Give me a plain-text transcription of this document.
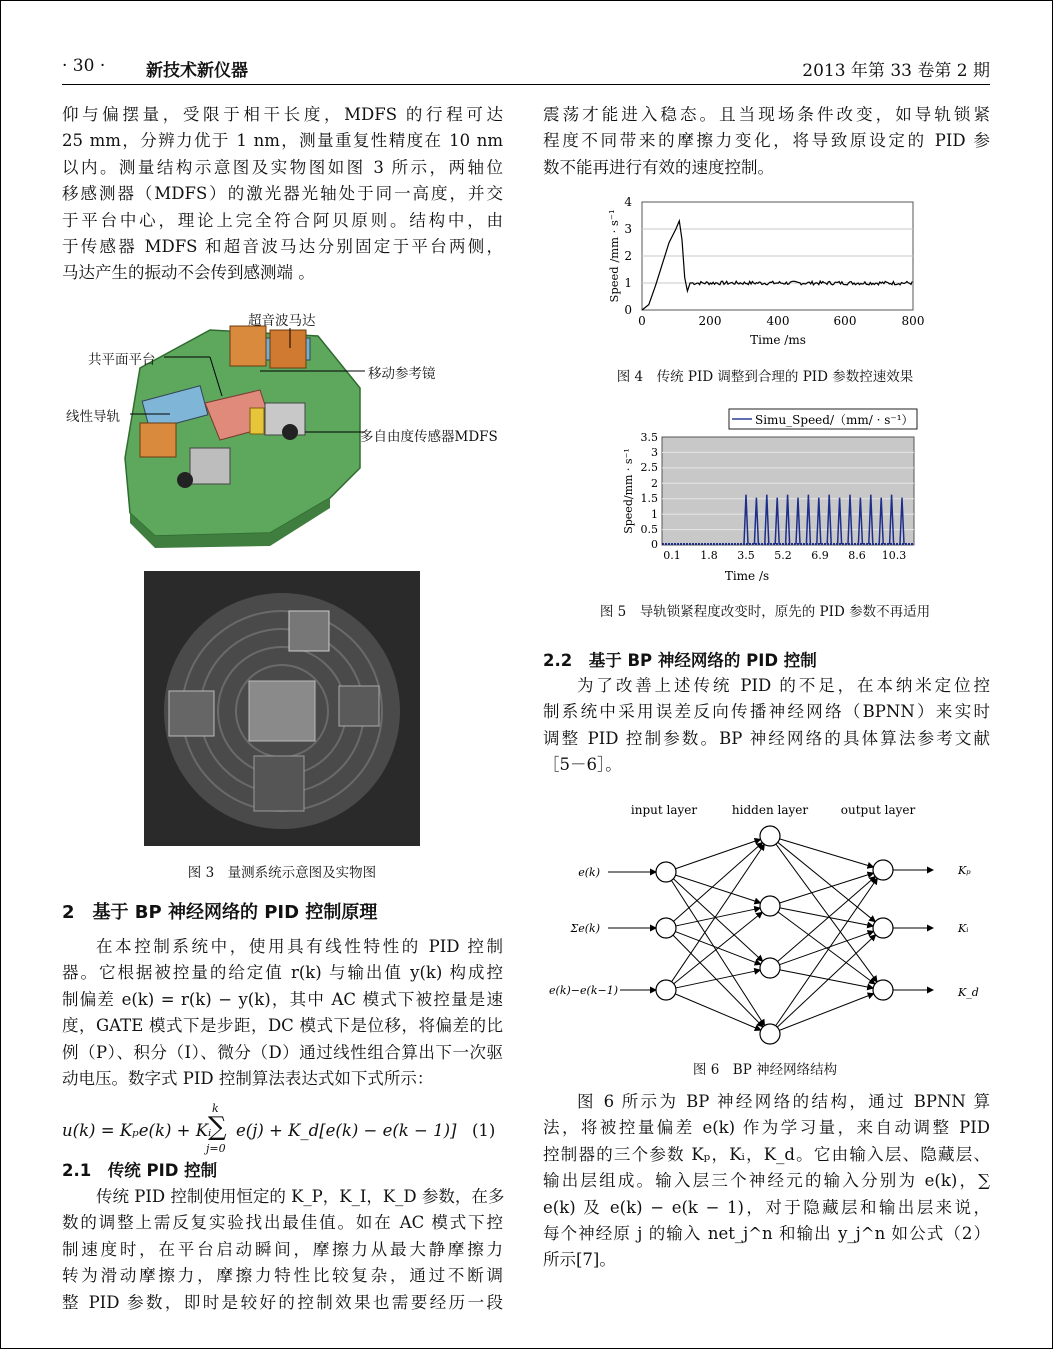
· 30 · 新技术新仪器	2013 年第 33 卷第 2 期
仰与偏摆量，受限于相干长度，MDFS 的行程可达
25 mm，分辨力优于 1 nm，测量重复性精度在 10 nm
以内。测量结构示意图及实物图如图 3 所示，两轴位
移感测器（MDFS）的激光器光轴处于同一高度，并交
于平台中心，理论上完全符合阿贝原则。结构中，由
于传感器 MDFS 和超音波马达分别固定于平台两侧，
马达产生的振动不会传到感测端 。
超音波马达
共平面平台
移动参考镜
线性导轨
多自由度传感器MDFS
图 3　量测系统示意图及实物图
2　基于 BP 神经网络的 PID 控制原理
在本控制系统中，使用具有线性特性的 PID 控制
器。它根据被控量的给定值 r(k) 与输出值 y(k) 构成控
制偏差 e(k) = r(k) − y(k)，其中 AC 模式下被控量是速
度，GATE 模式下是步距，DC 模式下是位移，将偏差的比
例（P）、积分（I）、微分（D）通过线性组合算出下一次驱
动电压。数字式 PID 控制算法表达式如下式所示：
u(k) = Kₚe(k) + Kᵢ
k
∑
j=0
e(j) + K_d[e(k) − e(k − 1)] (1)
2.1　传统 PID 控制
传统 PID 控制使用恒定的 K_P，K_I，K_D 参数，在多
数的调整上需反复实验找出最佳值。如在 AC 模式下控
制速度时，在平台启动瞬间，摩擦力从最大静摩擦力
转为滑动摩擦力，摩擦力特性比较复杂，通过不断调
整 PID 参数，即时是较好的控制效果也需要经历一段
震荡才能进入稳态。且当现场条件改变，如导轨锁紧
程度不同带来的摩擦力变化，将导致原设定的 PID 参
数不能再进行有效的速度控制。
0
1
2
3
4
0	200	400	600	800
Time /ms
Speed /mm · s⁻¹
图 4　传统 PID 调整到合理的 PID 参数控速效果
Simu_Speed/（mm/ · s⁻¹）
0
0.5
1
1.5
2
2.5
3
3.5
0.1 1.8 3.5 5.2 6.9 8.6 10.3
Time /s
Speed/mm · s⁻¹
图 5　导轨锁紧程度改变时，原先的 PID 参数不再适用
2.2　基于 BP 神经网络的 PID 控制
为了改善上述传统 PID 的不足，在本纳米定位控
制系统中采用误差反向传播神经网络（BPNN）来实时
调整 PID 控制参数。BP 神经网络的具体算法参考文献
［5－6］。
input layer	hidden layer	output layer
e(k)
Σe(k)
e(k)−e(k−1)
Kₚ
Kᵢ
K_d
图 6　BP 神经网络结构
图 6 所示为 BP 神经网络的结构，通过 BPNN 算
法，将被控量偏差 e(k) 作为学习量，来自动调整 PID
控制器的三个参数 Kₚ，Kᵢ，K_d。它由输入层、隐藏层、
输出层组成。输入层三个神经元的输入分别为 e(k)，∑
e(k) 及 e(k) − e(k − 1)，对于隐藏层和输出层来说，
每个神经原 j 的输入 net_j^n 和输出 y_j^n 如公式（2）
所示[7]。
